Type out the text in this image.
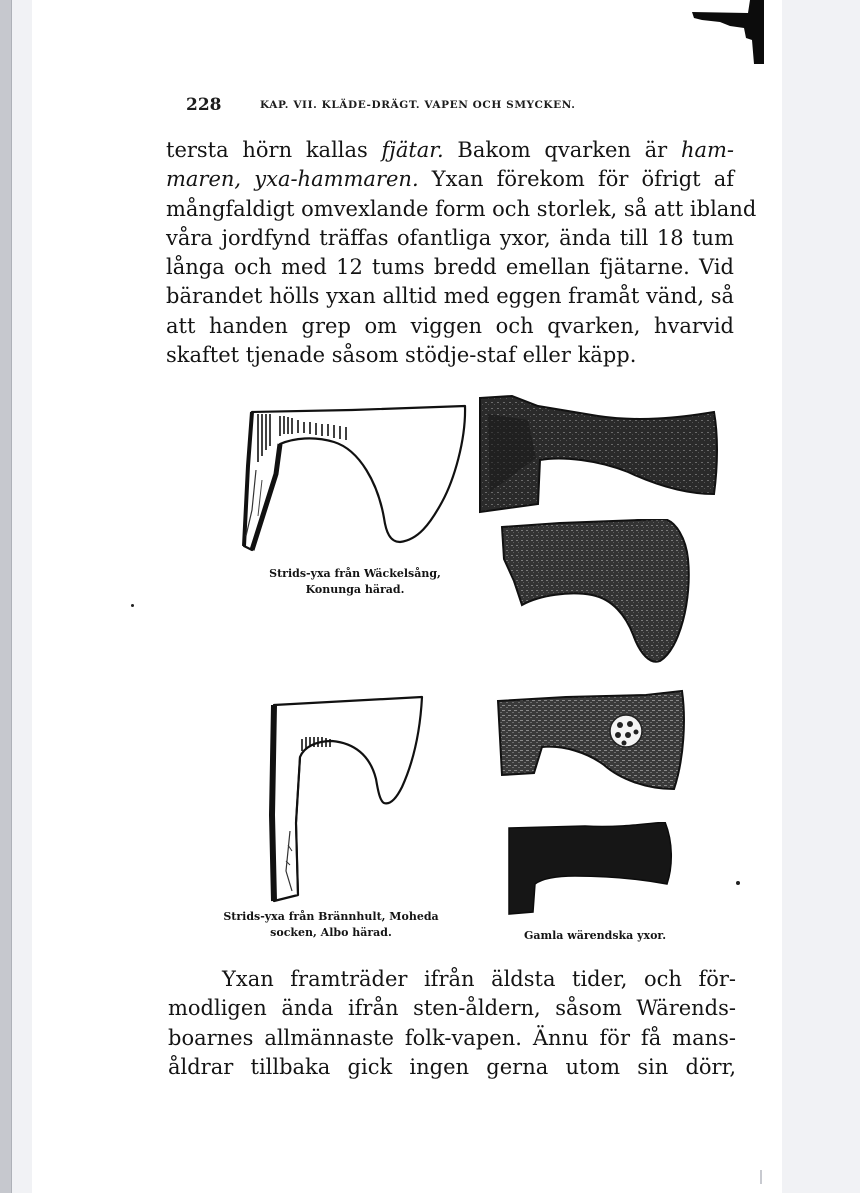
228	KAP. VII. KLÄDE-DRÄGT. VAPEN OCH SMYCKEN.

tersta hörn kallas fjätar. Bakom qvarken är ham-
maren, yxa-hammaren. Yxan förekom för öfrigt af
mångfaldigt omvexlande form och storlek, så att ibland
våra jordfynd träffas ofantliga yxor, ända till 18 tum
långa och med 12 tums bredd emellan fjätarne. Vid
bärandet hölls yxan alltid med eggen framåt vänd, så
att handen grep om viggen och qvarken, hvarvid
skaftet tjenade såsom stödje-staf eller käpp.

Strids-yxa från Wäckelsång,
Konunga härad.

Strids-yxa från Brännhult, Moheda
socken, Albo härad.	Gamla wärendska yxor.

Yxan framträder ifrån äldsta tider, och för-
modligen ända ifrån sten-åldern, såsom Wärends-
boarnes allmännaste folk-vapen. Ännu för få mans-
åldrar tillbaka gick ingen gerna utom sin dörr,
